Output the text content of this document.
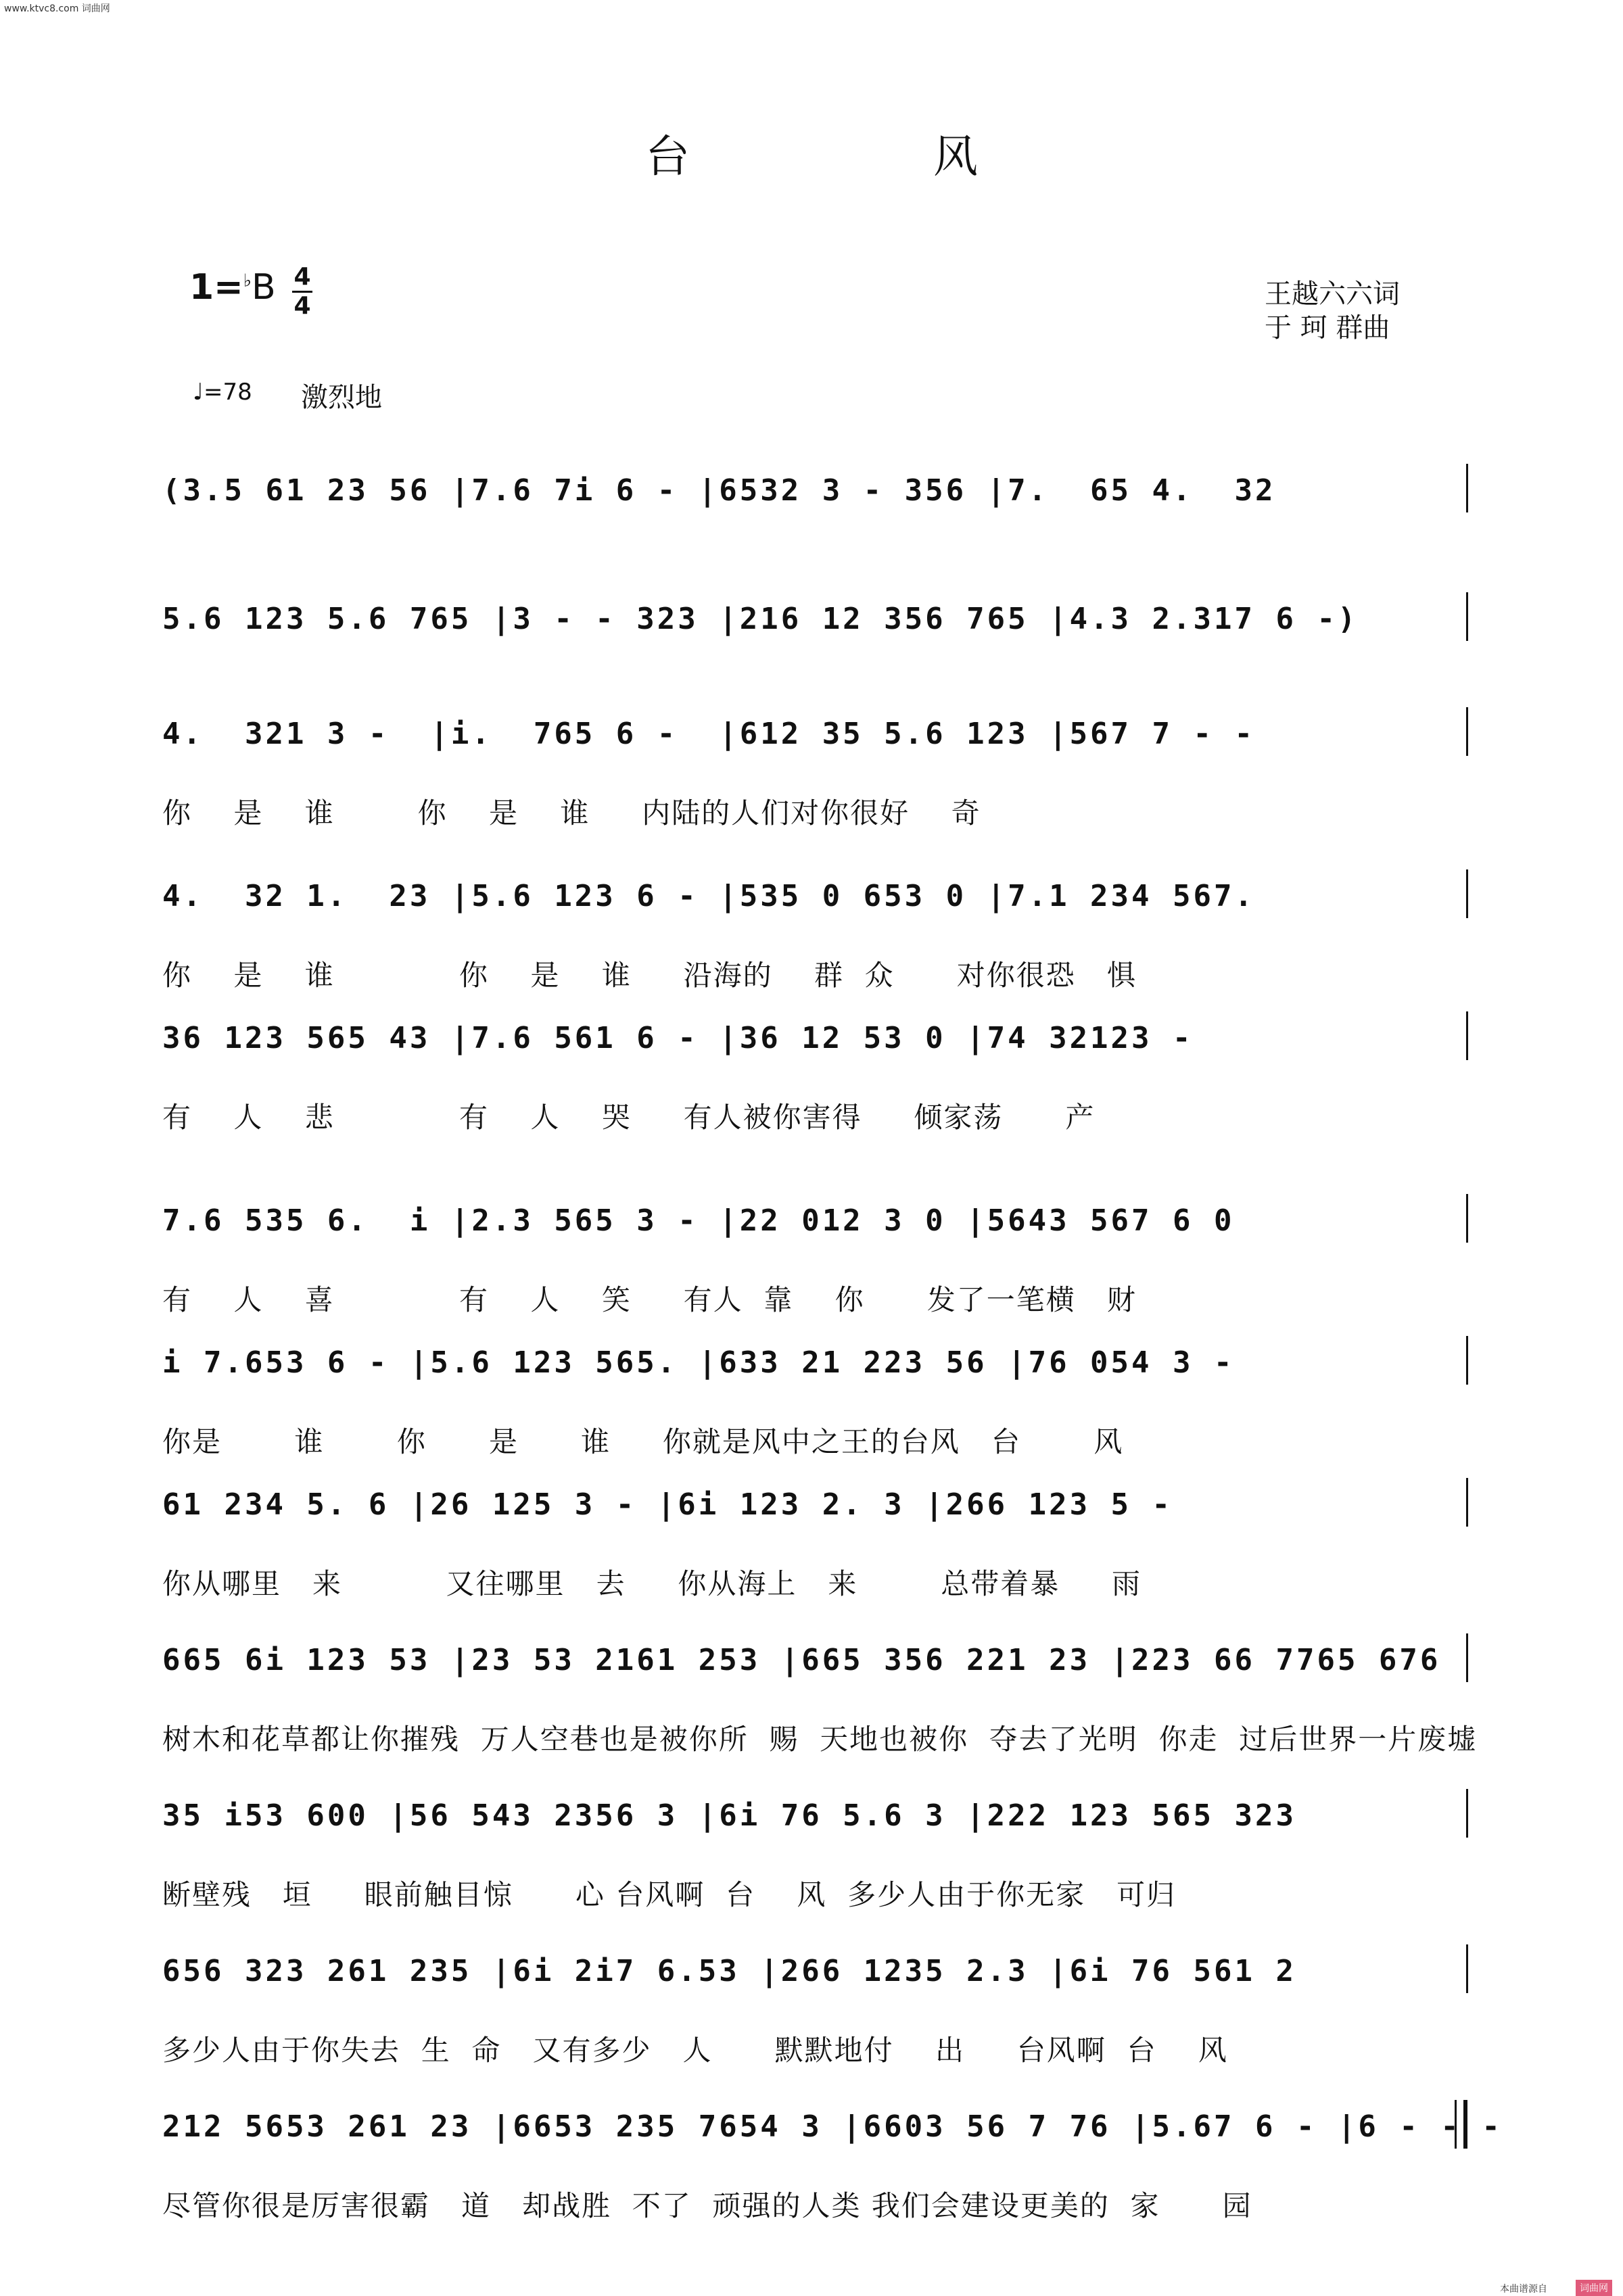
www.ktvc8.com 词曲网
台	风
1=♭B 4
4	王越六六词
于 珂 群曲
♩=78 激烈地
(3.5 61 23 56 |7.6 7i 6 - |6532 3 - 356 |7.  65 4.  32
5.6 123 5.6 765 |3 - - 323 |216 12 356 765 |4.3 2.317 6 -)
4.  321 3 -  |i.  765 6 -  |612 35 5.6 123 |567 7 - -
你    是    谁        你    是    谁     内陆的人们对你很好    奇
4.  32 1.  23 |5.6 123 6 - |535 0 653 0 |7.1 234 567.
你    是    谁            你    是    谁     沿海的    群  众      对你很恐   惧
36 123 565 43 |7.6 561 6 - |36 12 53 0 |74 32123 -
有    人    悲            有    人    哭     有人被你害得     倾家荡      产
7.6 535 6.  i |2.3 565 3 - |22 012 3 0 |5643 567 6 0
有    人    喜            有    人    笑     有人  靠    你      发了一笔横   财
i 7.653 6 - |5.6 123 565. |633 21 223 56 |76 054 3 -
你是       谁       你      是      谁     你就是风中之王的台风   台       风
61 234 5. 6 |26 125 3 - |6i 123 2. 3 |266 123 5 -
你从哪里   来          又往哪里   去     你从海上   来        总带着暴     雨
665 6i 123 53 |23 53 2161 253 |665 356 221 23 |223 66 7765 676
树木和花草都让你摧残  万人空巷也是被你所  赐  天地也被你  夺去了光明  你走  过后世界一片废墟
35 i53 600 |56 543 2356 3 |6i 76 5.6 3 |222 123 565 323
断壁残   垣     眼前触目惊      心 台风啊  台    风  多少人由于你无家   可归
656 323 261 235 |6i 2i7 6.53 |266 1235 2.3 |6i 76 561 2
多少人由于你失去  生  命   又有多少   人      默默地付    出     台风啊  台    风
212 5653 261 23 |6653 235 7654 3 |6603 56 7 76 |5.67 6 - |6 - - -
尽管你很是厉害很霸   道   却战胜  不了  顽强的人类 我们会建设更美的  家      园
本曲谱源自	词曲网
